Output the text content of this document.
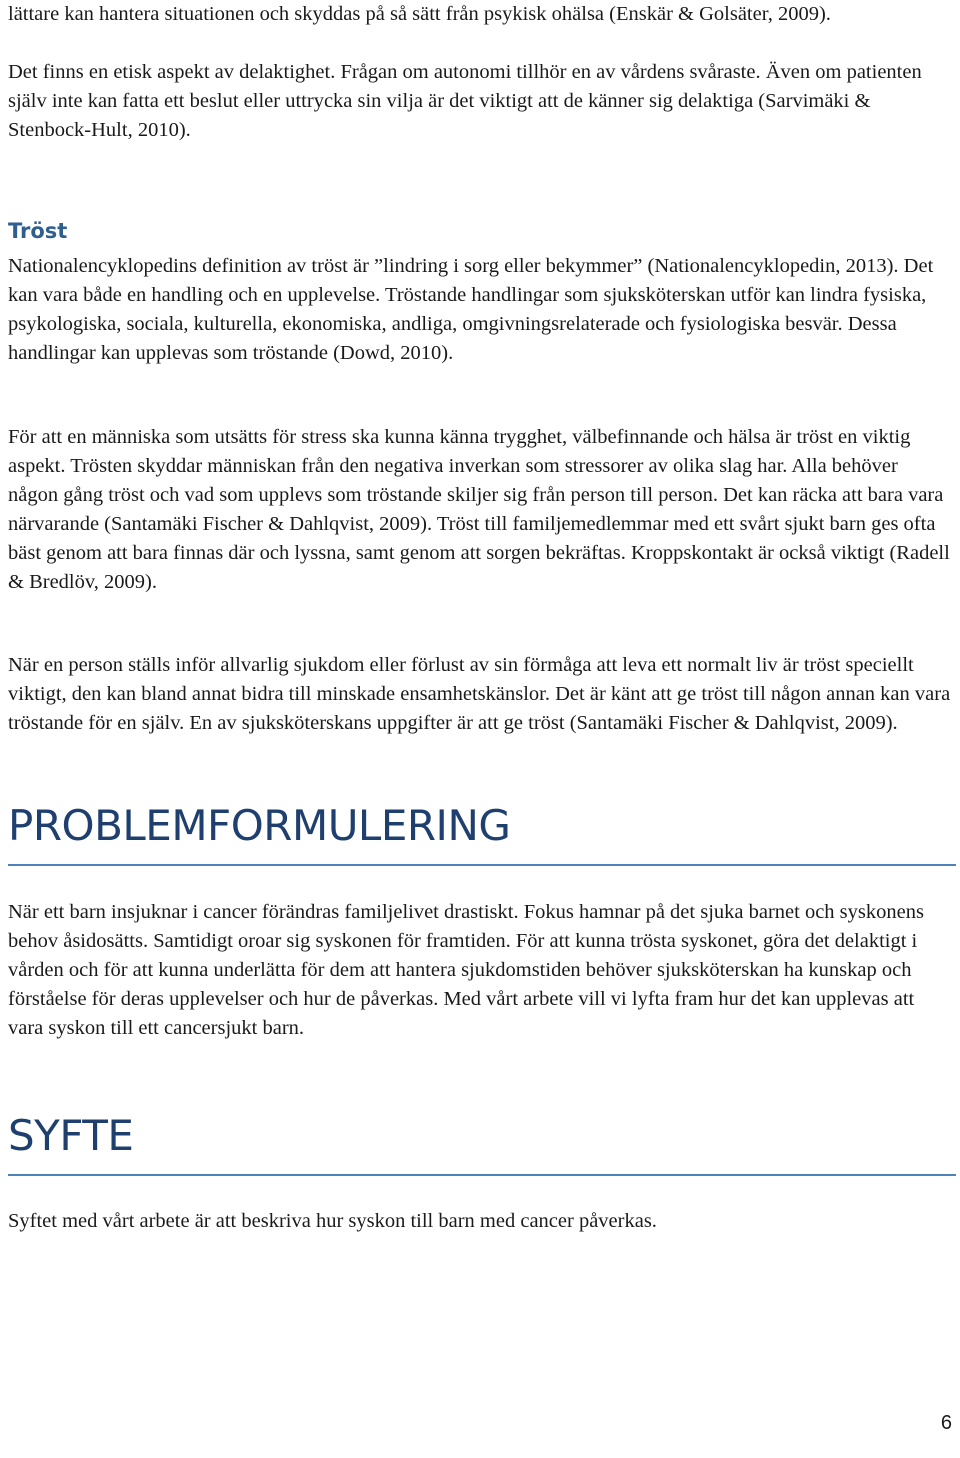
lättare kan hantera situationen och skyddas på så sätt från psykisk ohälsa (Enskär & Golsäter, 2009).

Det finns en etisk aspekt av delaktighet. Frågan om autonomi tillhör en av vårdens svåraste. Även om patienten själv inte kan fatta ett beslut eller uttrycka sin vilja är det viktigt att de känner sig delaktiga (Sarvimäki & Stenbock-Hult, 2010).

Tröst

Nationalencyklopedins definition av tröst är ”lindring i sorg eller bekymmer” (Nationalencyklopedin, 2013). Det kan vara både en handling och en upplevelse. Tröstande handlingar som sjuksköterskan utför kan lindra fysiska, psykologiska, sociala, kulturella, ekonomiska, andliga, omgivningsrelaterade och fysiologiska besvär. Dessa handlingar kan upplevas som tröstande (Dowd, 2010).

För att en människa som utsätts för stress ska kunna känna trygghet, välbefinnande och hälsa är tröst en viktig aspekt. Trösten skyddar människan från den negativa inverkan som stressorer av olika slag har. Alla behöver någon gång tröst och vad som upplevs som tröstande skiljer sig från person till person. Det kan räcka att bara vara närvarande (Santamäki Fischer & Dahlqvist, 2009). Tröst till familjemedlemmar med ett svårt sjukt barn ges ofta bäst genom att bara finnas där och lyssna, samt genom att sorgen bekräftas. Kroppskontakt är också viktigt (Radell & Bredlöv, 2009).

När en person ställs inför allvarlig sjukdom eller förlust av sin förmåga att leva ett normalt liv är tröst speciellt viktigt, den kan bland annat bidra till minskade ensamhetskänslor. Det är känt att ge tröst till någon annan kan vara tröstande för en själv. En av sjuksköterskans uppgifter är att ge tröst (Santamäki Fischer & Dahlqvist, 2009).

PROBLEMFORMULERING

När ett barn insjuknar i cancer förändras familjelivet drastiskt. Fokus hamnar på det sjuka barnet och syskonens behov åsidosätts. Samtidigt oroar sig syskonen för framtiden. För att kunna trösta syskonet, göra det delaktigt i vården och för att kunna underlätta för dem att hantera sjukdomstiden behöver sjuksköterskan ha kunskap och förståelse för deras upplevelser och hur de påverkas. Med vårt arbete vill vi lyfta fram hur det kan upplevas att vara syskon till ett cancersjukt barn.

SYFTE

Syftet med vårt arbete är att beskriva hur syskon till barn med cancer påverkas.

6
